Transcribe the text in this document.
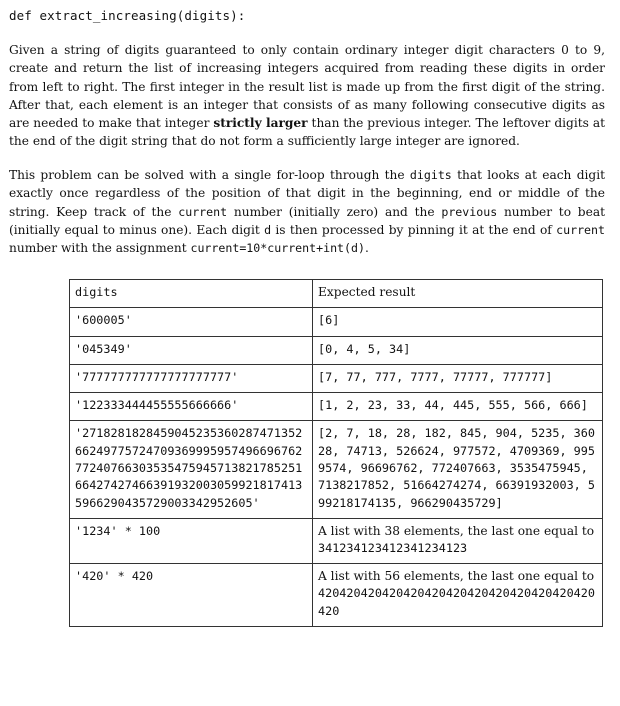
def extract_increasing(digits):
Given a string of digits guaranteed to only contain ordinary integer digit characters 0 to 9, create and return the list of increasing integers acquired from reading these digits in order from left to right. The first integer in the result list is made up from the first digit of the string. After that, each element is an integer that consists of as many following consecutive digits as are needed to make that integer strictly larger than the previous integer. The leftover digits at the end of the digit string that do not form a sufficiently large integer are ignored.
This problem can be solved with a single for-loop through the digits that looks at each digit exactly once regardless of the position of that digit in the beginning, end or middle of the string. Keep track of the current number (initially zero) and the previous number to beat (initially equal to minus one). Each digit d is then processed by pinning it at the end of current number with the assignment current=10*current+int(d).
digits	Expected result
'600005'	[6]
'045349'	[0, 4, 5, 34]
'777777777777777777777'	[7, 77, 777, 7777, 77777, 777777]
'122333444455555666666'	[1, 2, 23, 33, 44, 445, 555, 566, 666]
'27182818284590452353602874713526624977572470936999595749669676277240766303535475945713821785251664274274663919320030599218174135966290435729003342952605'	[2, 7, 18, 28, 182, 845, 904, 5235, 36028, 74713, 526624, 977572, 4709369, 9959574, 96696762, 772407663, 3535475945, 7138217852, 51664274274, 66391932003, 599218174135, 966290435729]
'1234' * 100	A list with 38 elements, the last one equal to
341234123412341234123

'420' * 420	A list with 56 elements, the last one equal to
420420420420420420420420420420420420420420
